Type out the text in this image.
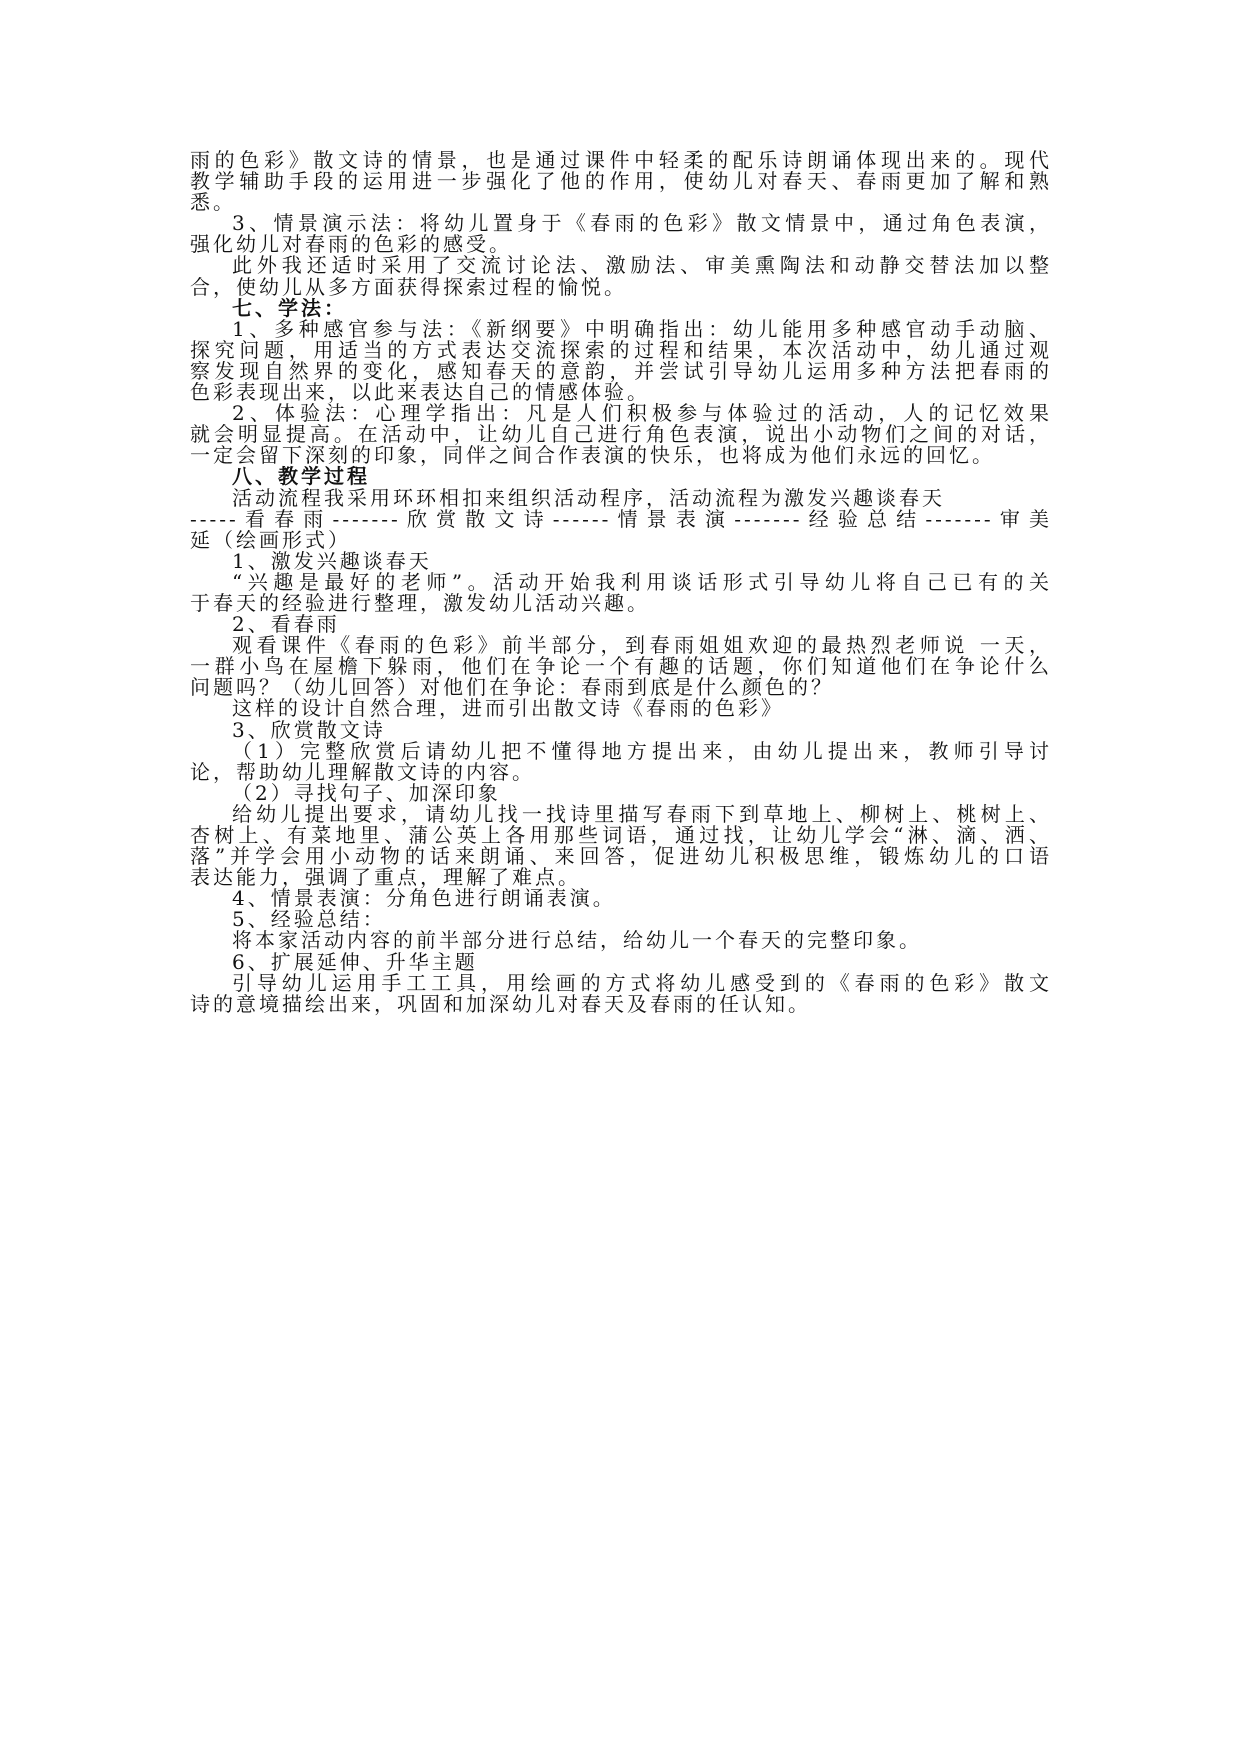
雨的色彩》散文诗的情景，也是通过课件中轻柔的配乐诗朗诵体现出来的。现代
教学辅助手段的运用进一步强化了他的作用，使幼儿对春天、春雨更加了解和熟
悉。
3、情景演示法：将幼儿置身于《春雨的色彩》散文情景中，通过角色表演，
强化幼儿对春雨的色彩的感受。
此外我还适时采用了交流讨论法、激励法、审美熏陶法和动静交替法加以整
合，使幼儿从多方面获得探索过程的愉悦。
七、学法：
1、多种感官参与法：《新纲要》中明确指出：幼儿能用多种感官动手动脑、
探究问题，用适当的方式表达交流探索的过程和结果，本次活动中，幼儿通过观
察发现自然界的变化，感知春天的意韵，并尝试引导幼儿运用多种方法把春雨的
色彩表现出来，以此来表达自己的情感体验。
2、体验法：心理学指出：凡是人们积极参与体验过的活动，人的记忆效果
就会明显提高。在活动中，让幼儿自己进行角色表演，说出小动物们之间的对话，
一定会留下深刻的印象，同伴之间合作表演的快乐，也将成为他们永远的回忆。
八、教学过程
活动流程我采用环环相扣来组织活动程序，活动流程为激发兴趣谈春天
-----看春雨-------欣赏散文诗------情景表演-------经验总结-------审美
延（绘画形式）
1、激发兴趣谈春天
“兴趣是最好的老师”。活动开始我利用谈话形式引导幼儿将自己已有的关
于春天的经验进行整理，激发幼儿活动兴趣。
2、看春雨
观看课件《春雨的色彩》前半部分，到春雨姐姐欢迎的最热烈老师说 一天，
一群小鸟在屋檐下躲雨，他们在争论一个有趣的话题，你们知道他们在争论什么
问题吗？（幼儿回答）对他们在争论：春雨到底是什么颜色的？
这样的设计自然合理，进而引出散文诗《春雨的色彩》
3、欣赏散文诗
（1）完整欣赏后请幼儿把不懂得地方提出来，由幼儿提出来，教师引导讨
论，帮助幼儿理解散文诗的内容。
（2）寻找句子、加深印象
给幼儿提出要求，请幼儿找一找诗里描写春雨下到草地上、柳树上、桃树上、
杏树上、有菜地里、蒲公英上各用那些词语，通过找，让幼儿学会“淋、滴、洒、
落”并学会用小动物的话来朗诵、来回答，促进幼儿积极思维，锻炼幼儿的口语
表达能力，强调了重点，理解了难点。
4、情景表演：分角色进行朗诵表演。
5、经验总结：
将本家活动内容的前半部分进行总结，给幼儿一个春天的完整印象。
6、扩展延伸、升华主题
引导幼儿运用手工工具，用绘画的方式将幼儿感受到的《春雨的色彩》散文
诗的意境描绘出来，巩固和加深幼儿对春天及春雨的任认知。
